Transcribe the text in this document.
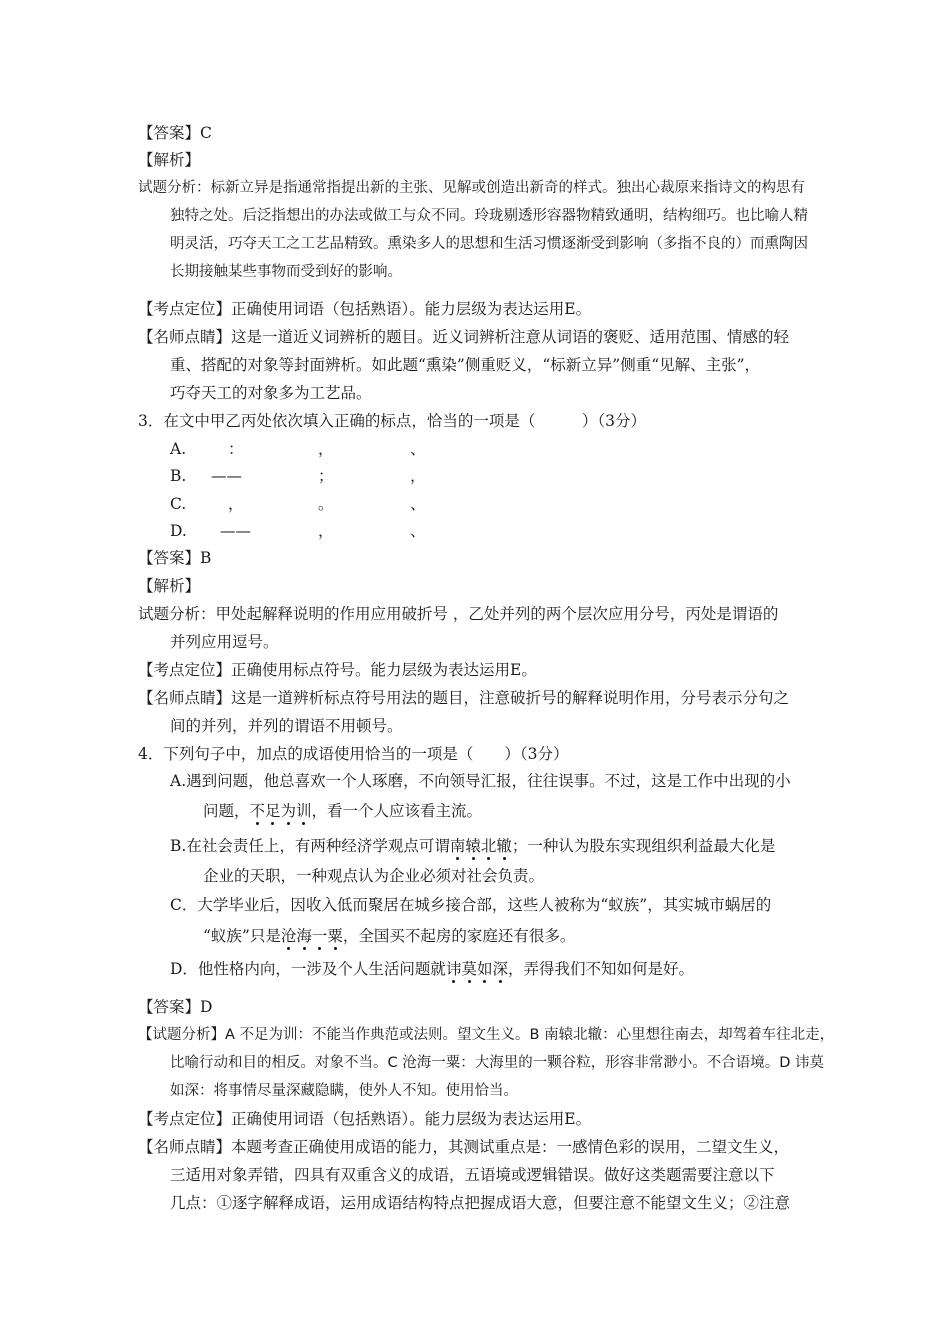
【答案】C
【解析】
试题分析：标新立异是指通常指提出新的主张、见解或创造出新奇的样式。独出心裁原来指诗文的构思有
独特之处。后泛指想出的办法或做工与众不同。玲珑剔透形容器物精致通明，结构细巧。也比喻人精
明灵活，巧夺天工之工艺品精致。熏染多人的思想和生活习惯逐渐受到影响（多指不良的）而熏陶因
长期接触某些事物而受到好的影响。
【考点定位】正确使用词语（包括熟语）。能力层级为表达运用E。
【名师点睛】这是一道近义词辨析的题目。近义词辨析注意从词语的褒贬、适用范围、情感的轻
重、搭配的对象等封面辨析。如此题“熏染”侧重贬义，“标新立异”侧重“见解、主张”，
巧夺天工的对象多为工艺品。
3．在文中甲乙丙处依次填入正确的标点，恰当的一项是（　　　）（3分）
A.	：	，	、
B. ——	；	，
C.	，	。	、
D. ——	，	、
【答案】B
【解析】
试题分析：甲处起解释说明的作用应用破折号 ，乙处并列的两个层次应用分号，丙处是谓语的
并列应用逗号。
【考点定位】正确使用标点符号。能力层级为表达运用E。
【名师点睛】这是一道辨析标点符号用法的题目，注意破折号的解释说明作用，分号表示分句之
间的并列，并列的谓语不用顿号。
4．下列句子中，加点的成语使用恰当的一项是（　　）（3分）
A.遇到问题，他总喜欢一个人琢磨，不向领导汇报，往往误事。不过，这是工作中出现的小
问题，不足为训，看一个人应该看主流。
B.在社会责任上，有两种经济学观点可谓南辕北辙；一种认为股东实现组织利益最大化是
企业的天职，一种观点认为企业必须对社会负责。
C．大学毕业后，因收入低而聚居在城乡接合部，这些人被称为“蚁族”，其实城市蜗居的
“蚁族”只是沧海一粟，全国买不起房的家庭还有很多。
D．他性格内向，一涉及个人生活问题就讳莫如深，弄得我们不知如何是好。
【答案】D
【试题分析】A 不足为训：不能当作典范或法则。望文生义。B 南辕北辙：心里想往南去，却驾着车往北走，
比喻行动和目的相反。对象不当。C 沧海一粟：大海里的一颗谷粒，形容非常渺小。不合语境。D 讳莫
如深：将事情尽量深藏隐瞒，使外人不知。使用恰当。
【考点定位】正确使用词语（包括熟语）。能力层级为表达运用E。
【名师点睛】本题考查正确使用成语的能力，其测试重点是：一感情色彩的误用，二望文生义，
三适用对象弄错，四具有双重含义的成语，五语境或逻辑错误。做好这类题需要注意以下
几点：①逐字解释成语，运用成语结构特点把握成语大意，但要注意不能望文生义；②注意
